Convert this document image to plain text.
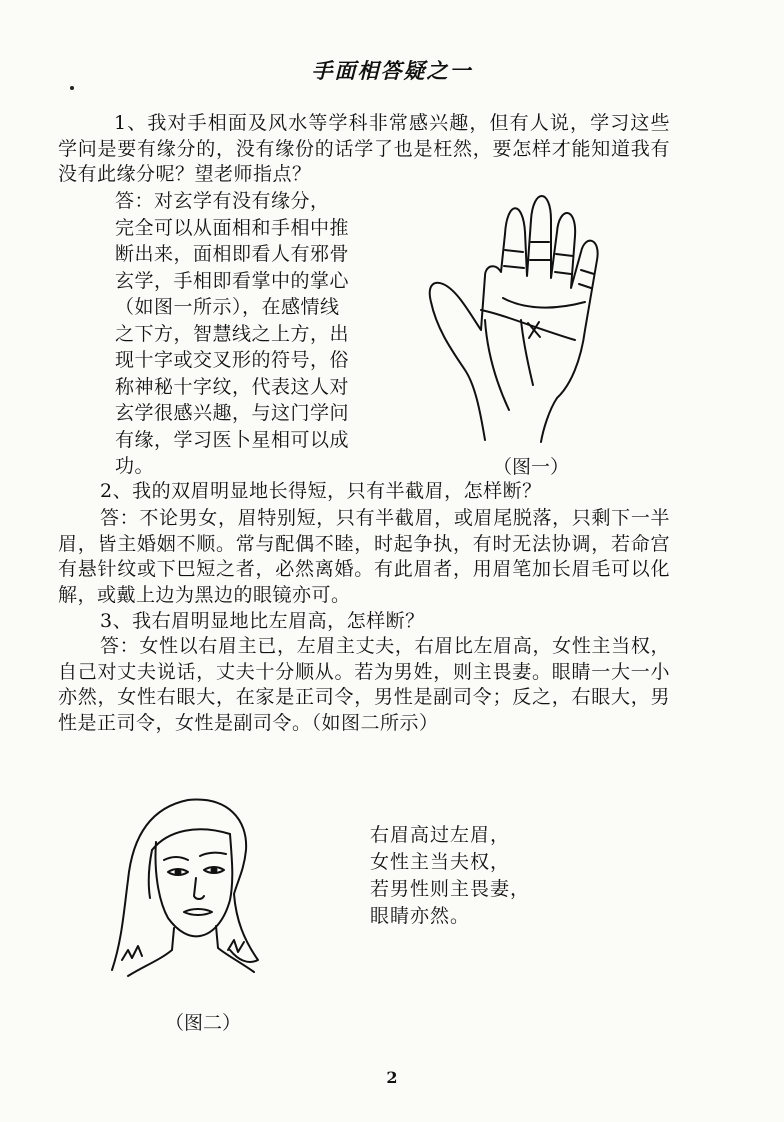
手面相答疑之一
1、我对手相面及风水等学科非常感兴趣，但有人说，学习这些学问是要有缘分的，没有缘份的话学了也是枉然，要怎样才能知道我有没有此缘分呢？望老师指点？
答：对玄学有没有缘分，
完全可以从面相和手相中推
断出来，面相即看人有邪骨
玄学，手相即看掌中的掌心
（如图一所示），在感情线
之下方，智慧线之上方，出
现十字或交叉形的符号，俗
称神秘十字纹，代表这人对
玄学很感兴趣，与这门学问
有缘，学习医卜星相可以成
功。	（图一）
2、我的双眉明显地长得短，只有半截眉，怎样断？
答：不论男女，眉特别短，只有半截眉，或眉尾脱落，只剩下一半眉，皆主婚姻不顺。常与配偶不睦，时起争执，有时无法协调，若命宫有悬针纹或下巴短之者，必然离婚。有此眉者，用眉笔加长眉毛可以化解，或戴上边为黑边的眼镜亦可。
3、我右眉明显地比左眉高，怎样断？
答：女性以右眉主已，左眉主丈夫，右眉比左眉高，女性主当权，自己对丈夫说话，丈夫十分顺从。若为男姓，则主畏妻。眼睛一大一小亦然，女性右眼大，在家是正司令，男性是副司令；反之，右眼大，男性是正司令，女性是副司令。（如图二所示）
（图二）
右眉高过左眉，
女性主当夫权，
若男性则主畏妻，
眼睛亦然。
2
